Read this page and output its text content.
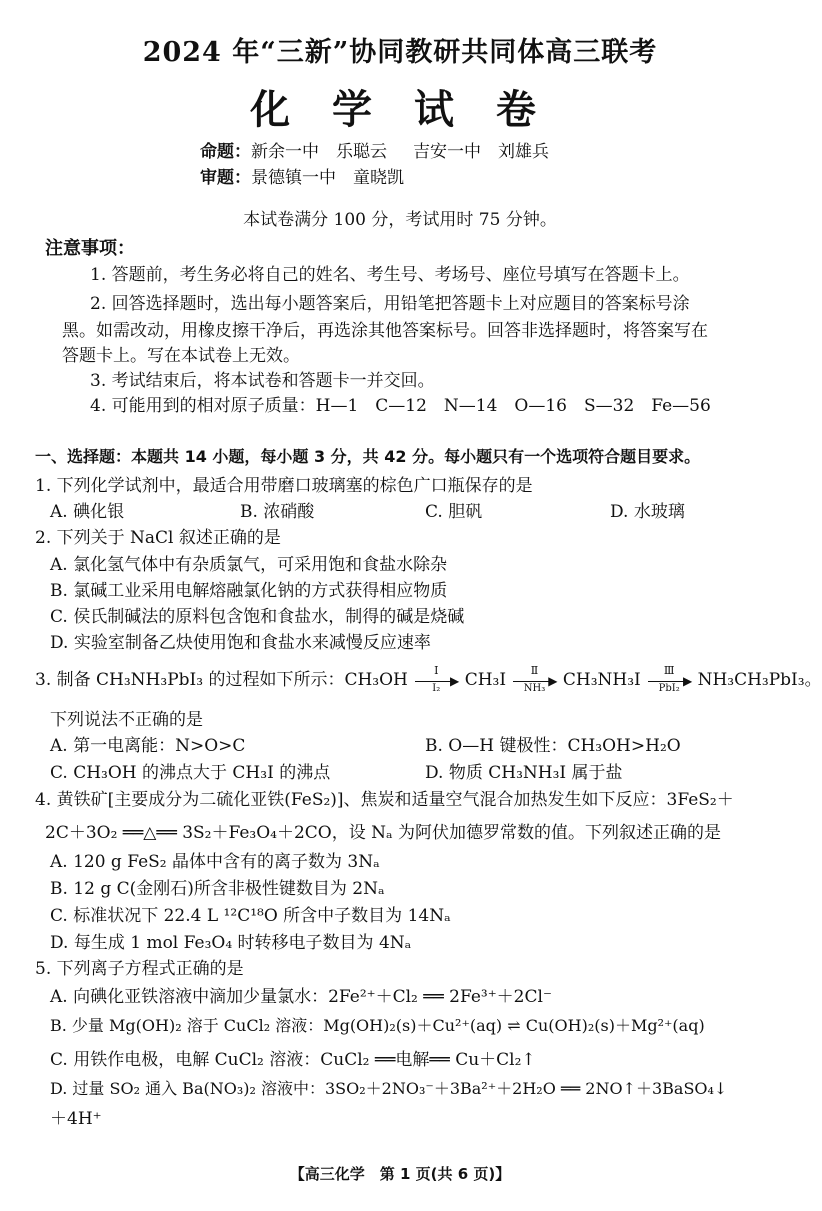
2024 年“三新”协同教研共同体高三联考
化 学 试 卷
命题：新余一中　乐聪云 吉安一中　刘雄兵
审题：景德镇一中　童晓凯
本试卷满分 100 分，考试用时 75 分钟。
注意事项：
1. 答题前，考生务必将自己的姓名、考生号、考场号、座位号填写在答题卡上。
2. 回答选择题时，选出每小题答案后，用铅笔把答题卡上对应题目的答案标号涂
黑。如需改动，用橡皮擦干净后，再选涂其他答案标号。回答非选择题时，将答案写在
答题卡上。写在本试卷上无效。
3. 考试结束后，将本试卷和答题卡一并交回。
4. 可能用到的相对原子质量：H—1　C—12　N—14　O—16　S—32　Fe—56
一、选择题：本题共 14 小题，每小题 3 分，共 42 分。每小题只有一个选项符合题目要求。
1. 下列化学试剂中，最适合用带磨口玻璃塞的棕色广口瓶保存的是
A. 碘化银	B. 浓硝酸	C. 胆矾	D. 水玻璃
2. 下列关于 NaCl 叙述正确的是
A. 氯化氢气体中有杂质氯气，可采用饱和食盐水除杂
B. 氯碱工业采用电解熔融氯化钠的方式获得相应物质
C. 侯氏制碱法的原料包含饱和食盐水，制得的碱是烧碱
D. 实验室制备乙炔使用饱和食盐水来减慢反应速率
3. 制备 CH₃NH₃PbI₃ 的过程如下所示：CH₃OH	Ⅰ
▶
I₂	CH₃I	Ⅱ
▶
NH₃	CH₃NH₃I	Ⅲ
▶
PbI₂	NH₃CH₃PbI₃。
下列说法不正确的是
A. 第一电离能：N>O>C	B. O—H 键极性：CH₃OH>H₂O
C. CH₃OH 的沸点大于 CH₃I 的沸点	D. 物质 CH₃NH₃I 属于盐
4. 黄铁矿[主要成分为二硫化亚铁(FeS₂)]、焦炭和适量空气混合加热发生如下反应：3FeS₂＋
2C＋3O₂ ══△══ 3S₂＋Fe₃O₄＋2CO，设 Nₐ 为阿伏加德罗常数的值。下列叙述正确的是
A. 120 g FeS₂ 晶体中含有的离子数为 3Nₐ
B. 12 g C(金刚石)所含非极性键数目为 2Nₐ
C. 标准状况下 22.4 L ¹²C¹⁸O 所含中子数目为 14Nₐ
D. 每生成 1 mol Fe₃O₄ 时转移电子数目为 4Nₐ
5. 下列离子方程式正确的是
A. 向碘化亚铁溶液中滴加少量氯水：2Fe²⁺＋Cl₂ ══ 2Fe³⁺＋2Cl⁻
B. 少量 Mg(OH)₂ 溶于 CuCl₂ 溶液：Mg(OH)₂(s)＋Cu²⁺(aq) ⇌ Cu(OH)₂(s)＋Mg²⁺(aq)
C. 用铁作电极，电解 CuCl₂ 溶液：CuCl₂ ══电解══ Cu＋Cl₂↑
D. 过量 SO₂ 通入 Ba(NO₃)₂ 溶液中：3SO₂＋2NO₃⁻＋3Ba²⁺＋2H₂O ══ 2NO↑＋3BaSO₄↓
＋4H⁺
【高三化学　第 1 页(共 6 页)】
